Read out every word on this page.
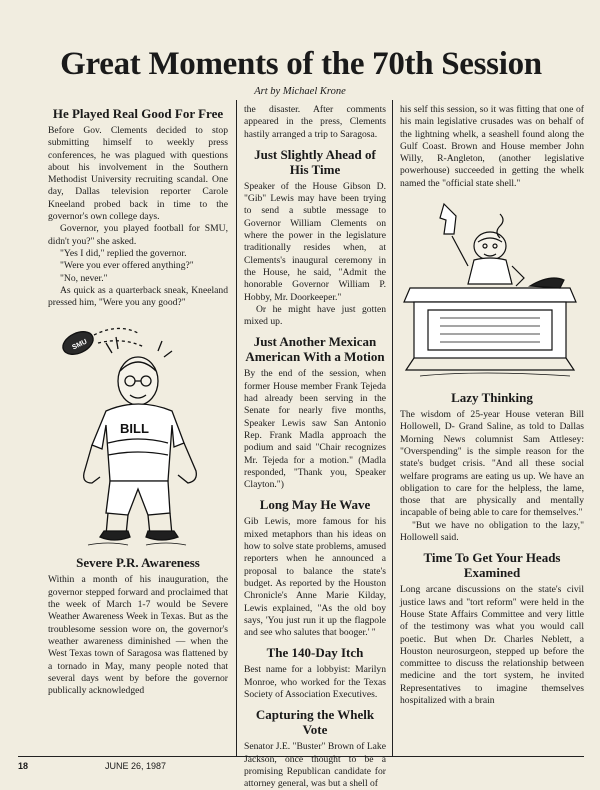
Great Moments of the 70th Session
Art by Michael Krone
He Played Real Good For Free

Before Gov. Clements decided to stop submitting himself to weekly press conferences, he was plagued with questions about his involvement in the Southern Methodist University recruiting scandal. One day, Dallas television reporter Carole Kneeland probed back in time to the governor's own college days.

Governor, you played football for SMU, didn't you?" she asked.

"Yes I did," replied the governor.

"Were you ever offered anything?"

"No, never."

As quick as a quarterback sneak, Kneeland pressed him, "Were you any good?"

SMU
BILL
Severe P.R. Awareness

Within a month of his inauguration, the governor stepped forward and proclaimed that the week of March 1-7 would be Severe Weather Awareness Week in Texas. But as the troublesome session wore on, the governor's weather awareness diminished — when the West Texas town of Saragosa was flattened by a tornado in May, many people noted that several days went by before the governor publically acknowledged

the disaster. After comments appeared in the press, Clements hastily arranged a trip to Saragosa.

Just Slightly Ahead of His Time

Speaker of the House Gibson D. "Gib" Lewis may have been trying to send a subtle message to Governor William Clements on where the power in the legislature traditionally resides when, at Clements's inaugural ceremony in the House, he said, "Admit the honorable Governor William P. Hobby, Mr. Doorkeeper."

Or he might have just gotten mixed up.

Just Another Mexican American With a Motion

By the end of the session, when former House member Frank Tejeda had already been serving in the Senate for nearly five months, Speaker Lewis saw San Antonio Rep. Frank Madla approach the podium and said "Chair recognizes Mr. Tejeda for a motion." (Madla responded, "Thank you, Speaker Clayton.")

Long May He Wave

Gib Lewis, more famous for his mixed metaphors than his ideas on how to solve state problems, amused reporters when he announced a proposal to balance the state's budget. As reported by the Houston Chronicle's Anne Marie Kilday, Lewis explained, "As the old boy says, 'You just run it up the flagpole and see who salutes that booger.' "

The 140-Day Itch

Best name for a lobbyist: Marilyn Monroe, who worked for the Texas Society of Association Executives.

Capturing the Whelk Vote

Senator J.E. "Buster" Brown of Lake Jackson, once thought to be a promising Republican candidate for attorney general, was but a shell of

his self this session, so it was fitting that one of his main legislative crusades was on behalf of the lightning whelk, a seashell found along the Gulf Coast. Brown and House member John Willy, R-Angleton, (another legislative powerhouse) succeeded in getting the whelk named the "official state shell."

Lazy Thinking

The wisdom of 25-year House veteran Bill Hollowell, D- Grand Saline, as told to Dallas Morning News columnist Sam Attlesey: "Overspending" is the simple reason for the state's budget crisis. "And all these social welfare programs are eating us up. We have an obligation to care for the helpless, the lame, those that are physically and mentally incapable of being able to care for themselves."

"But we have no obligation to the lazy," Hollowell said.

Time To Get Your Heads Examined

Long arcane discussions on the state's civil justice laws and "tort reform" were held in the House State Affairs Committee and very little of the testimony was what you would call poetic. But when Dr. Charles Neblett, a Houston neurosurgeon, stepped up before the committee to discuss the relationship between medicine and the tort system, he invited Representatives to imagine themselves hospitalized with a brain

18	JUNE 26, 1987
